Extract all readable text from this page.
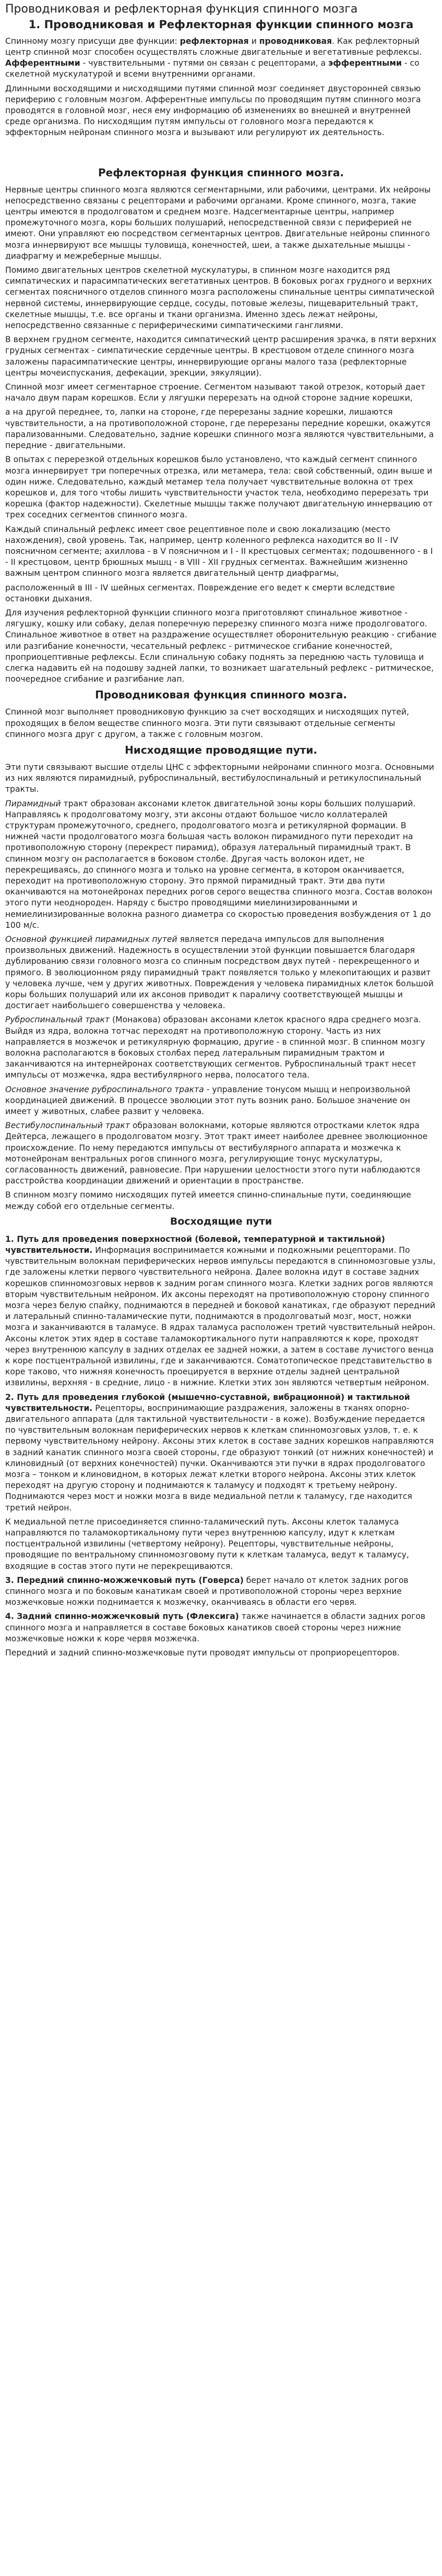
Проводниковая и рефлекторная функция спинного мозга
1. Проводниковая и Рефлекторная функции спинного мозга

Спинному мозгу присущи две функции: рефлекторная и проводниковая. Как рефлекторный центр спинной мозг способен осуществлять сложные двигательные и вегетативные рефлексы. Афферентными - чувствительными - путями он связан с рецепторами, а эфферентными - со скелетной мускулатурой и всеми внутренними органами.

Длинными восходящими и нисходящими путями спинной мозг соединяет двусторонней связью периферию с головным мозгом. Афферентные импульсы по проводящим путям спинного мозга проводятся в головной мозг, неся ему информацию об изменениях во внешней и внутренней среде организма. По нисходящим путям импульсы от головного мозга передаются к эффекторным нейронам спинного мозга и вызывают или регулируют их деятельность.

Рефлекторная функция спинного мозга.

Нервные центры спинного мозга являются сегментарными, или рабочими, центрами. Их нейроны непосредственно связаны с рецепторами и рабочими органами. Кроме спинного, мозга, такие центры имеются в продолговатом и среднем мозге. Надсегментарные центры, например промежуточного мозга, коры больших полушарий, непосредственной связи с периферией не имеют. Они управляют ею посредством сегментарных центров. Двигательные нейроны спинного мозга иннервируют все мышцы туловища, конечностей, шеи, а также дыхательные мышцы - диафрагму и межреберные мышцы.

Помимо двигательных центров скелетной мускулатуры, в спинном мозге находится ряд симпатических и парасимпатических вегетативных центров. В боковых рогах грудного и верхних сегментах поясничного отделов спинного мозга расположены спинальные центры симпатической нервной системы, иннервирующие сердце, сосуды, потовые железы, пищеварительный тракт, скелетные мышцы, т.е. все органы и ткани организма. Именно здесь лежат нейроны, непосредственно связанные с периферическими симпатическими ганглиями.

В верхнем грудном сегменте, находится симпатический центр расширения зрачка, в пяти верхних грудных сегментах - симпатические сердечные центры. В крестцовом отделе спинного мозга заложены парасимпатические центры, иннервирующие органы малого таза (рефлекторные центры мочеиспускания, дефекации, эрекции, эякуляции).

Спинной мозг имеет сегментарное строение. Сегментом называют такой отрезок, который дает начало двум парам корешков. Если у лягушки перерезать на одной стороне задние корешки,

а на другой переднее, то, лапки на стороне, где перерезаны задние корешки, лишаются чувствительности, а на противоположной стороне, где перерезаны передние корешки, окажутся парализованными. Следовательно, задние корешки спинного мозга являются чувствительными, а передние - двигательными.

В опытах с перерезкой отдельных корешков было установлено, что каждый сегмент спинного мозга иннервирует три поперечных отрезка, или метамера, тела: свой собственный, один выше и один ниже. Следовательно, каждый метамер тела получает чувствительные волокна от трех корешков и, для того чтобы лишить чувствительности участок тела, необходимо перерезать три корешка (фактор надежности). Скелетные мышцы также получают двигательную иннервацию от трех соседних сегментов спинного мозга.

Каждый спинальный рефлекс имеет свое рецептивное поле и свою локализацию (место нахождения), свой уровень. Так, например, центр коленного рефлекса находится во II - IV поясничном сегменте; ахиллова - в V поясничном и I - II крестцовых сегментах; подошвенного - в I - II крестцовом, центр брюшных мышц - в VIII - XII грудных сегментах. Важнейшим жизненно важным центром спинного мозга является двигательный центр диафрагмы,

расположенный в III - IV шейных сегментах. Повреждение его ведет к смерти вследствие остановки дыхания.

Для изучения рефлекторной функции спинного мозга приготовляют спинальное животное - лягушку, кошку или собаку, делая поперечную перерезку спинного мозга ниже продолговатого. Спинальное животное в ответ на раздражение осуществляет оборонительную реакцию - сгибание или разгибание конечности, чесательный рефлекс - ритмическое сгибание конечностей, проприоцептивные рефлексы. Если спинальную собаку поднять за переднюю часть туловища и слегка надавить ей на подошву задней лапки, то возникает шагательный рефлекс - ритмическое, поочередное сгибание и разгибание лап.

Проводниковая функция спинного мозга.

Спинной мозг выполняет проводниковую функцию за счет восходящих и нисходящих путей, проходящих в белом веществе спинного мозга. Эти пути связывают отдельные сегменты спинного мозга друг с другом, а также с головным мозгом.

Нисходящие проводящие пути.

Эти пути связывают высшие отделы ЦНС с эффекторными нейронами спинного мозга. Основными из них являются пирамидный, руброспинальный, вестибулоспинальный и ретикулоспинальный тракты.

Пирамидный тракт образован аксонами клеток двигательной зоны коры больших полушарий. Направляясь к продолговатому мозгу, эти аксоны отдают большое число коллатералей структурам промежуточного, среднего, продолговатого мозга и ретикулярной формации. В нижней части продолговатого мозга большая часть волокон пирамидного пути переходит на противоположную сторону (перекрест пирамид), образуя латеральный пирамидный тракт. В спинном мозгу он располагается в боковом столбе. Другая часть волокон идет, не перекрещиваясь, до спинного мозга и только на уровне сегмента, в котором оканчивается, переходит на противоположную сторону. Это прямой пирамидный тракт. Эти два пути оканчиваются на мотонейронах передних рогов серого вещества спинного мозга. Состав волокон этого пути неоднороден. Наряду с быстро проводящими миелинизированными и немиелинизированные волокна разного диаметра со скоростью проведения возбуждения от 1 до 100 м/с.

Основной функцией пирамидных путей является передача импульсов для выполнения произвольных движений. Надежность в осуществлении этой функции повышается благодаря дублированию связи головного мозга со спинным посредством двух путей - перекрещенного и прямого. В эволюционном ряду пирамидный тракт появляется только у млекопитающих и развит у человека лучше, чем у других животных. Повреждения у человека пирамидных клеток большой коры больших полушарий или их аксонов приводит к параличу соответствующей мышцы и достигает наибольшего совершенства у человека.

Руброспинальный тракт (Монакова) образован аксонами клеток красного ядра среднего мозга. Выйдя из ядра, волокна тотчас переходят на противоположную сторону. Часть из них направляется в мозжечок и ретикулярную формацию, другие - в спинной мозг. В спинном мозгу волокна располагаются в боковых столбах перед латеральным пирамидным трактом и заканчиваются на интернейронах соответствующих сегментов. Руброспинальный тракт несет импульсы от мозжечка, ядра вестибулярного нерва, полосатого тела.

Основное значение руброспинального тракта - управление тонусом мышц и непроизвольной координацией движений. В процессе эволюции этот путь возник рано. Большое значение он имеет у животных, слабее развит у человека.

Вестибулоспинальный тракт образован волокнами, которые являются отростками клеток ядра Дейтерса, лежащего в продолговатом мозгу. Этот тракт имеет наиболее древнее эволюционное происхождение. По нему передаются импульсы от вестибулярного аппарата и мозжечка к мотонейронам вентральных рогов спинного мозга, регулирующие тонус мускулатуры, согласованность движений, равновесие. При нарушении целостности этого пути наблюдаются расстройства координации движений и ориентации в пространстве.

В спинном мозгу помимо нисходящих путей имеется спинно-спинальные пути, соединяющие между собой его отдельные сегменты.

Восходящие пути

1. Путь для проведения поверхностной (болевой, температурной и тактильной) чувствительности. Информация воспринимается кожными и подкожными рецепторами. По чувствительным волокнам периферических нервов импульсы передаются в спинномозговые узлы, где заложены клетки первого чувствительного нейрона. Далее волокна идут в составе задних корешков спинномозговых нервов к задним рогам спинного мозга. Клетки задних рогов являются вторым чувствительным нейроном. Их аксоны переходят на противоположную сторону спинного мозга через белую спайку, поднимаются в передней и боковой канатиках, где образуют передний и латеральный спинно-таламические пути, поднимаются в продолговатый мозг, мост, ножки мозга и заканчиваются в таламусе. В ядрах таламуса расположен третий чувствительный нейрон. Аксоны клеток этих ядер в составе таламокортикального пути направляются к коре, проходят через внутреннюю капсулу в задних отделах ее задней ножки, а затем в составе лучистого венца к коре постцентральной извилины, где и заканчиваются. Соматотопическое представительство в коре таково, что нижняя конечность проецируется в верхние отделы задней центральной извилины, верхняя - в средние, лицо - в нижние. Клетки этих зон являются четвертым нейроном.

2. Путь для проведения глубокой (мышечно-суставной, вибрационной) и тактильной чувствительности. Рецепторы, воспринимающие раздражения, заложены в тканях опорно-двигательного аппарата (для тактильной чувствительности - в коже). Возбуждение передается по чувствительным волокнам периферических нервов к клеткам спинномозговых узлов, т. е. к первому чувствительному нейрону. Аксоны этих клеток в составе задних корешков направляются в задний канатик спинного мозга своей стороны, где образуют тонкий (от нижних конечностей) и клиновидный (от верхних конечностей) пучки. Оканчиваются эти пучки в ядрах продолговатого мозга – тонком и клиновидном, в которых лежат клетки второго нейрона. Аксоны этих клеток переходят на другую сторону и поднимаются к таламусу и подходят к третьему нейрону. Поднимаются через мост и ножки мозга в виде медиальной петли к таламусу, где находится третий нейрон.

К медиальной петле присоединяется спинно-таламический путь. Аксоны клеток таламуса направляются по таламокортикальному пути через внутреннюю капсулу, идут к клеткам постцентральной извилины (четвертому нейрону). Рецепторы, чувствительные нейроны, проводящие по вентральному спинномозговому пути к клеткам таламуса, ведут к таламусу, входящие в состав этого пути не перекрещиваются.

3. Передний спинно-можжечковый путь (Говерса) берет начало от клеток задних рогов спинного мозга и по боковым канатикам своей и противоположной стороны через верхние мозжечковые ножки поднимается к мозжечку, оканчиваясь в области его червя.

4. Задний спинно-можжечковый путь (Флексига) также начинается в области задних рогов спинного мозга и направляется в составе боковых канатиков своей стороны через нижние мозжечковые ножки к коре червя мозжечка.

Передний и задний спинно-мозжечковые пути проводят импульсы от проприорецепторов.
